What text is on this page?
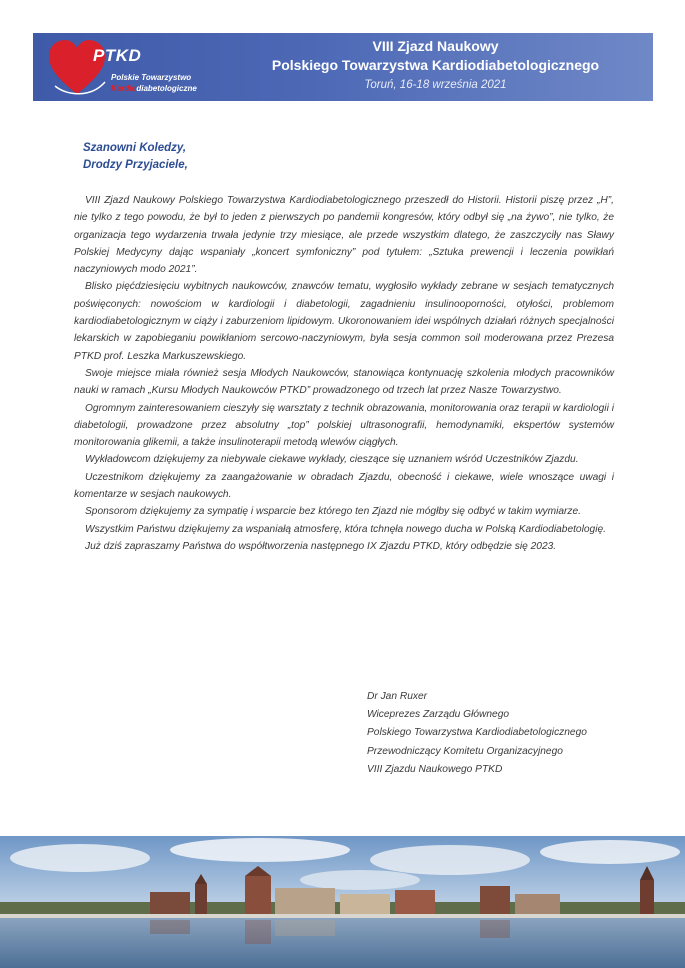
PTKD
Polskie Towarzystwo
Kardiodiabetologiczne
VIII Zjazd Naukowy
Polskiego Towarzystwa Kardiodiabetologicznego
Toruń, 16-18 września 2021
Szanowni Koledzy,
Drodzy Przyjaciele,

VIII Zjazd Naukowy Polskiego Towarzystwa Kardiodiabetologicznego przeszedł do Historii. Historii piszę przez „H”, nie tylko z tego powodu, że był to jeden z pierwszych po pandemii kongresów, który odbył się „na żywo”, nie tylko, że organizacja tego wydarzenia trwała jedynie trzy miesiące, ale przede wszystkim dlatego, że zaszczyciły nas Sławy Polskiej Medycyny dając wspaniały „koncert symfoniczny” pod tytułem: „Sztuka prewencji i leczenia powikłań naczyniowych modo 2021”.

Blisko pięćdziesięciu wybitnych naukowców, znawców tematu, wygłosiło wykłady zebrane w sesjach tematycznych poświęconych: nowościom w kardiologii i diabetologii, zagadnieniu insulinooporności, otyłości, problemom kardiodiabetologicznym w ciąży i zaburzeniom lipidowym. Ukoronowaniem idei wspólnych działań różnych specjalności lekarskich w zapobieganiu powikłaniom sercowo-naczyniowym, była sesja common soil moderowana przez Prezesa PTKD prof. Leszka Markuszewskiego.

Swoje miejsce miała również sesja Młodych Naukowców, stanowiąca kontynuację szkolenia młodych pracowników nauki w ramach „Kursu Młodych Naukowców PTKD” prowadzonego od trzech lat przez Nasze Towarzystwo.

Ogromnym zainteresowaniem cieszyły się warsztaty z technik obrazowania, monitorowania oraz terapii w kardiologii i diabetologii, prowadzone przez absolutny „top” polskiej ultrasonografii, hemodynamiki, ekspertów systemów monitorowania glikemii, a także insulinoterapii metodą wlewów ciągłych.

Wykładowcom dziękujemy za niebywale ciekawe wykłady, cieszące się uznaniem wśród Uczestników Zjazdu.

Uczestnikom dziękujemy za zaangażowanie w obradach Zjazdu, obecność i ciekawe, wiele wnoszące uwagi i komentarze w sesjach naukowych.

Sponsorom dziękujemy za sympatię i wsparcie bez którego ten Zjazd nie mógłby się odbyć w takim wymiarze.

Wszystkim Państwu dziękujemy za wspaniałą atmosferę, która tchnęła nowego ducha w Polską Kardiodiabetologię.

Już dziś zapraszamy Państwa do współtworzenia następnego IX Zjazdu PTKD, który odbędzie się 2023.

Dr Jan Ruxer
Wiceprezes Zarządu Głównego
Polskiego Towarzystwa Kardiodiabetologicznego
Przewodniczący Komitetu Organizacyjnego
VIII Zjazdu Naukowego PTKD
